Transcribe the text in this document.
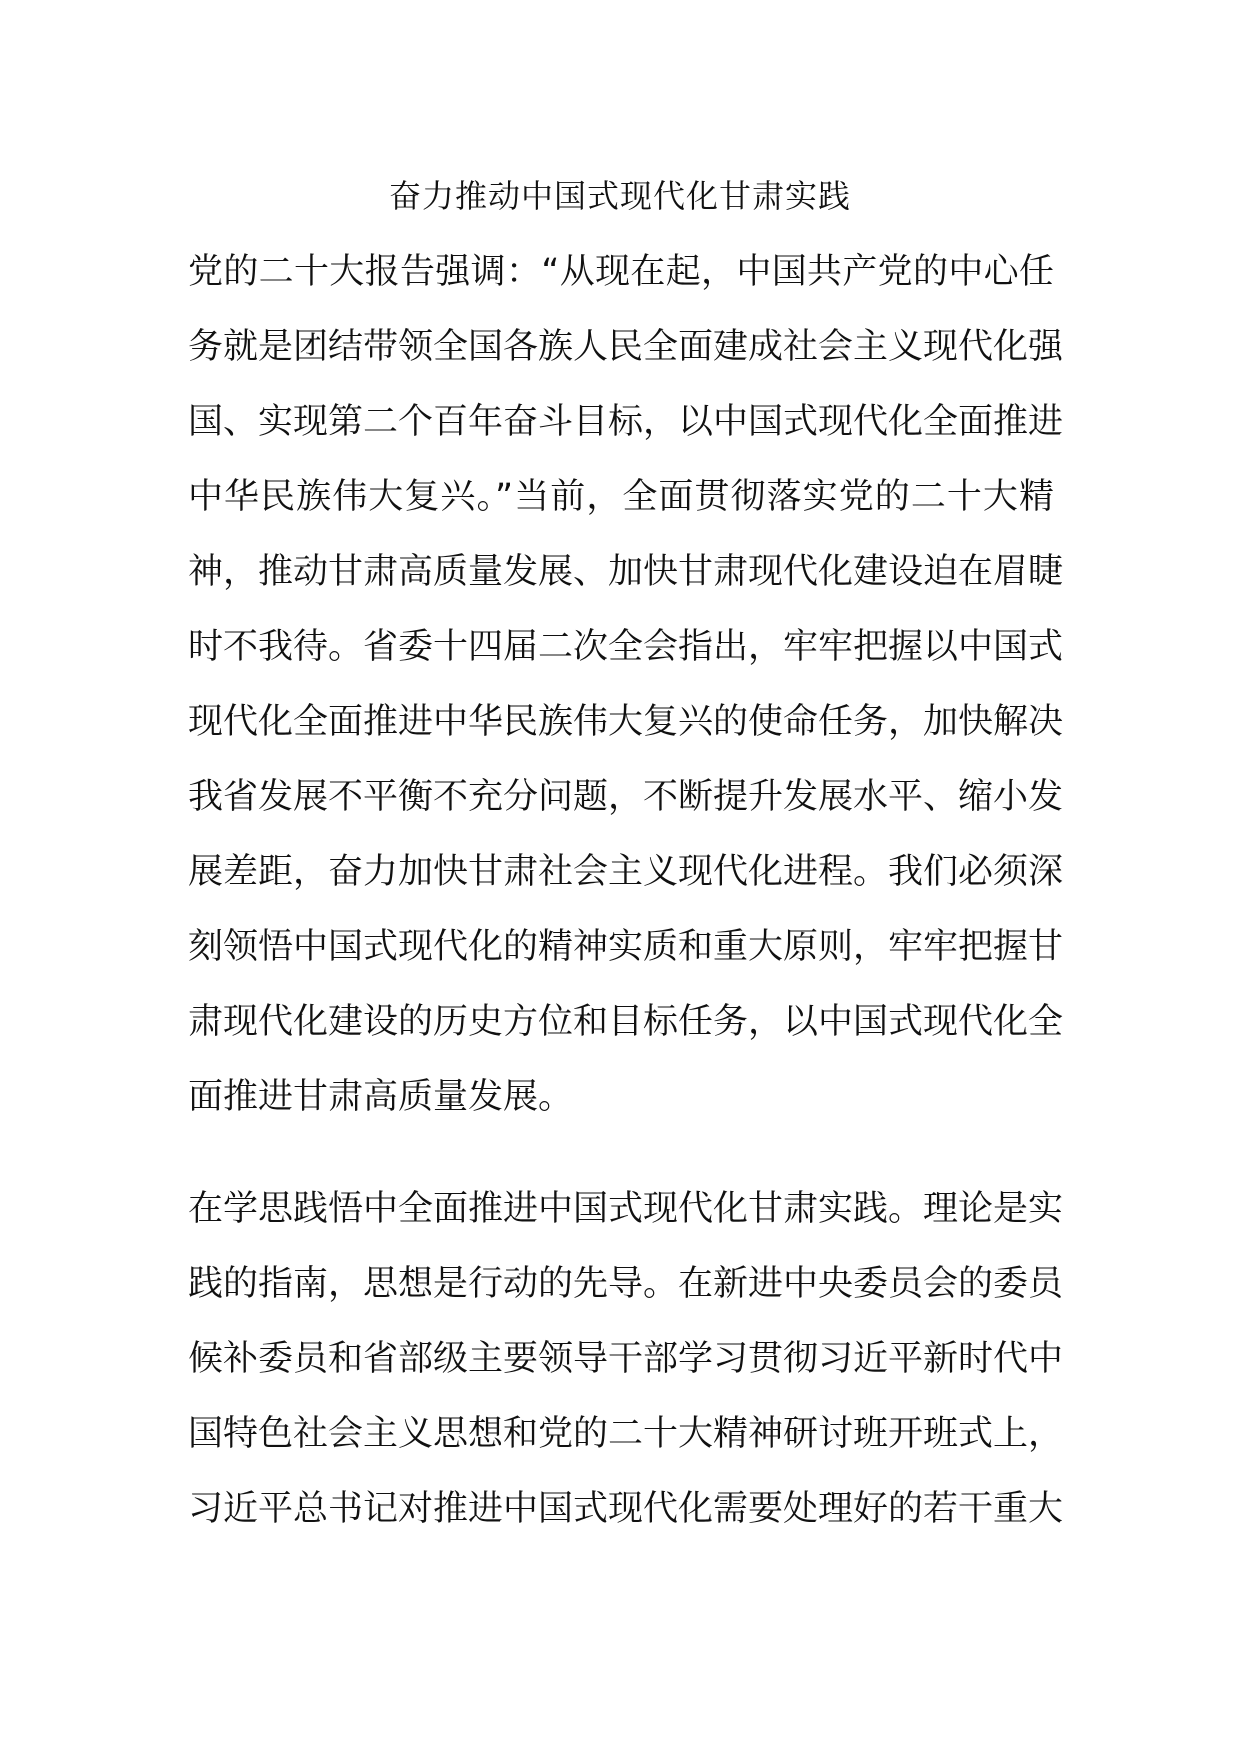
奋力推动中国式现代化甘肃实践
党的二十大报告强调：“从现在起，中国共产党的中心任
务就是团结带领全国各族人民全面建成社会主义现代化强
国、实现第二个百年奋斗目标，以中国式现代化全面推进
中华民族伟大复兴。”当前，全面贯彻落实党的二十大精
神，推动甘肃高质量发展、加快甘肃现代化建设迫在眉睫
时不我待。省委十四届二次全会指出，牢牢把握以中国式
现代化全面推进中华民族伟大复兴的使命任务，加快解决
我省发展不平衡不充分问题，不断提升发展水平、缩小发
展差距，奋力加快甘肃社会主义现代化进程。我们必须深
刻领悟中国式现代化的精神实质和重大原则，牢牢把握甘
肃现代化建设的历史方位和目标任务，以中国式现代化全
面推进甘肃高质量发展。
在学思践悟中全面推进中国式现代化甘肃实践。理论是实
践的指南，思想是行动的先导。在新进中央委员会的委员
候补委员和省部级主要领导干部学习贯彻习近平新时代中
国特色社会主义思想和党的二十大精神研讨班开班式上，
习近平总书记对推进中国式现代化需要处理好的若干重大
